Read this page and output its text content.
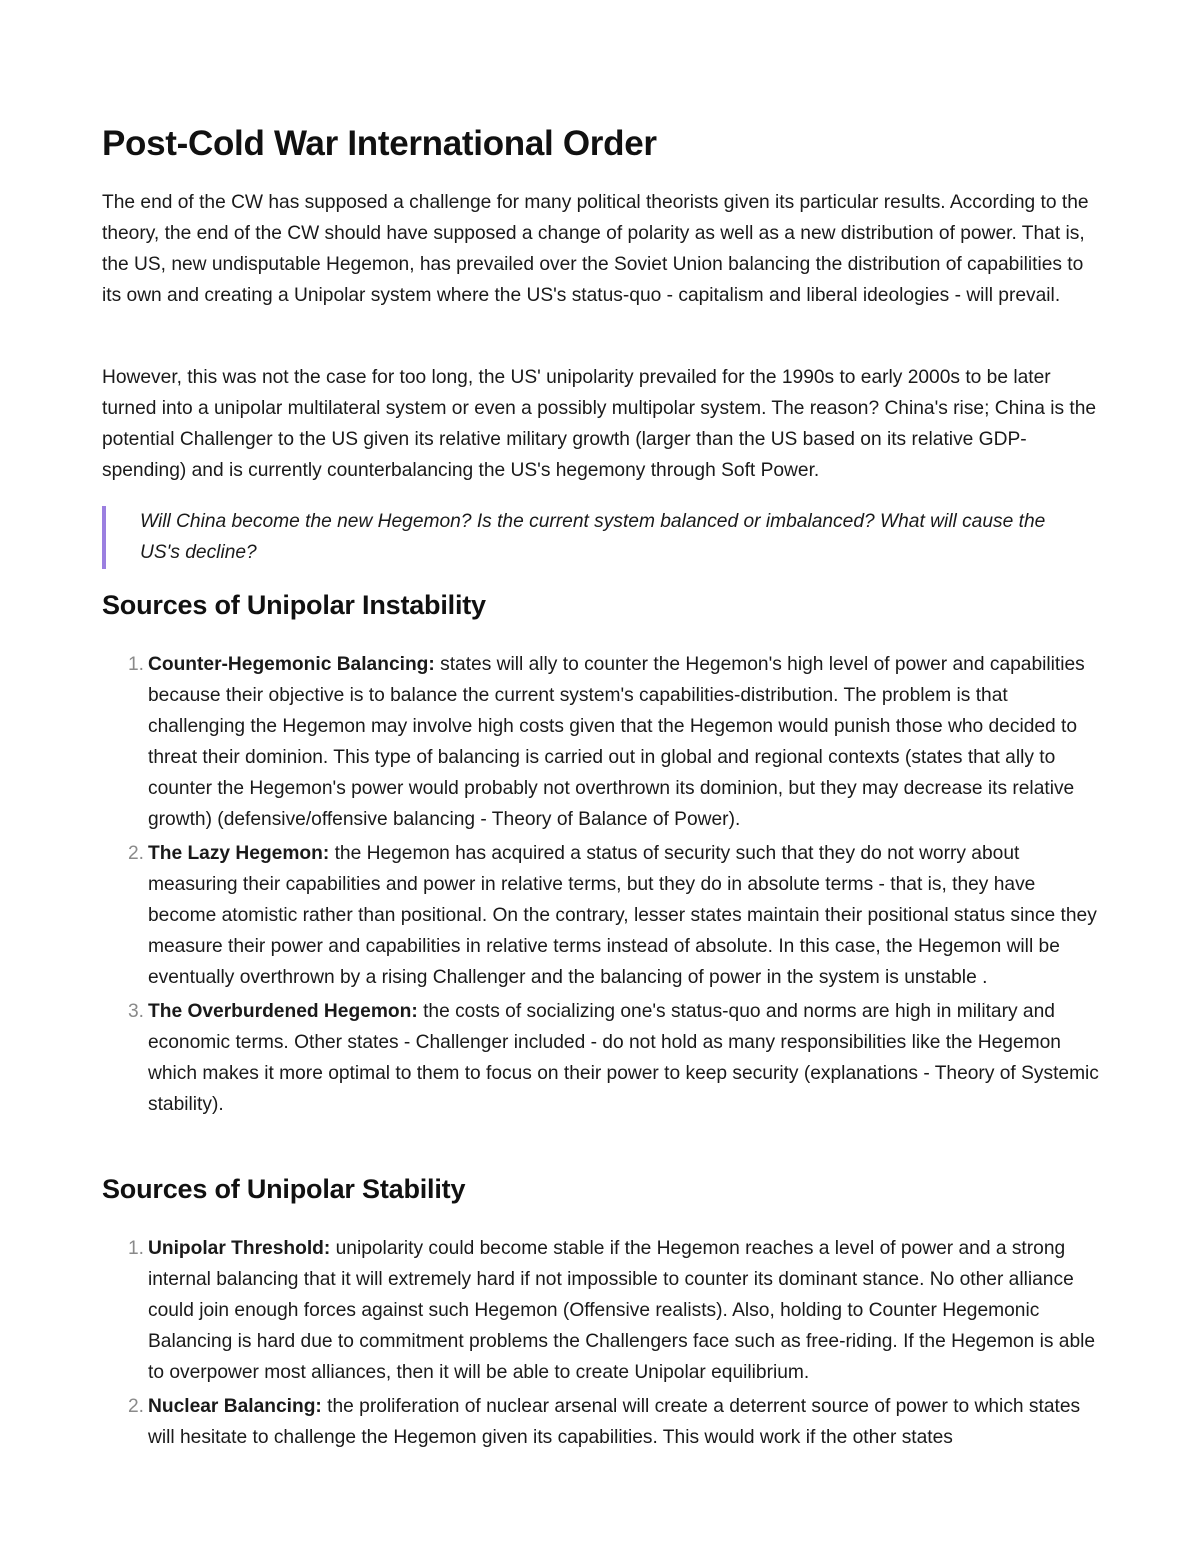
Post-Cold War International Order

The end of the CW has supposed a challenge for many political theorists given its particular results. According to the theory, the end of the CW should have supposed a change of polarity as well as a new distribution of power. That is, the US, new undisputable Hegemon, has prevailed over the Soviet Union balancing the distribution of capabilities to its own and creating a Unipolar system where the US's status-quo - capitalism and liberal ideologies - will prevail.

However, this was not the case for too long, the US' unipolarity prevailed for the 1990s to early 2000s to be later turned into a unipolar multilateral system or even a possibly multipolar system. The reason? China's rise; China is the potential Challenger to the US given its relative military growth (larger than the US based on its relative GDP-spending) and is currently counterbalancing the US's hegemony through Soft Power.

Will China become the new Hegemon? Is the current system balanced or imbalanced? What will cause the US's decline?

Sources of Unipolar Instability
1. Counter-Hegemonic Balancing: states will ally to counter the Hegemon's high level of power and capabilities because their objective is to balance the current system's capabilities-distribution. The problem is that challenging the Hegemon may involve high costs given that the Hegemon would punish those who decided to threat their dominion. This type of balancing is carried out in global and regional contexts (states that ally to counter the Hegemon's power would probably not overthrown its dominion, but they may decrease its relative growth) (defensive/offensive balancing - Theory of Balance of Power).
2. The Lazy Hegemon: the Hegemon has acquired a status of security such that they do not worry about measuring their capabilities and power in relative terms, but they do in absolute terms - that is, they have become atomistic rather than positional. On the contrary, lesser states maintain their positional status since they measure their power and capabilities in relative terms instead of absolute. In this case, the Hegemon will be eventually overthrown by a rising Challenger and the balancing of power in the system is unstable .
3. The Overburdened Hegemon: the costs of socializing one's status-quo and norms are high in military and economic terms. Other states - Challenger included - do not hold as many responsibilities like the Hegemon which makes it more optimal to them to focus on their power to keep security (explanations - Theory of Systemic stability).
Sources of Unipolar Stability
1. Unipolar Threshold: unipolarity could become stable if the Hegemon reaches a level of power and a strong internal balancing that it will extremely hard if not impossible to counter its dominant stance. No other alliance could join enough forces against such Hegemon (Offensive realists). Also, holding to Counter Hegemonic Balancing is hard due to commitment problems the Challengers face such as free-riding. If the Hegemon is able to overpower most alliances, then it will be able to create Unipolar equilibrium.
2. Nuclear Balancing: the proliferation of nuclear arsenal will create a deterrent source of power to which states will hesitate to challenge the Hegemon given its capabilities. This would work if the other states
